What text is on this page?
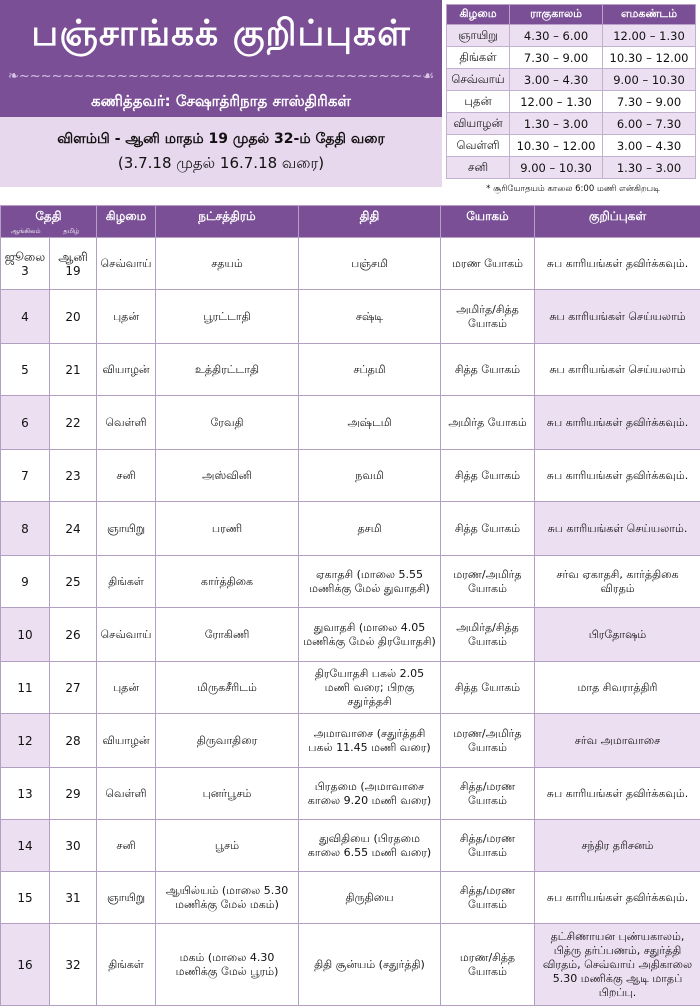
பஞ்சாங்கக் குறிப்புகள்
❧~~~~~~~~~~~~~~~~~~~~~
~~~~~~~~~~~~~~~~~~~~~☙
கணித்தவர்: சேஷாத்ரிநாத சாஸ்திரிகள்
விளம்பி - ஆனி மாதம் 19 முதல் 32-ம் தேதி வரை
(3.7.18 முதல் 16.7.18 வரை)
கிழமை	ராகுகாலம்	எமகண்டம்
ஞாயிறு	4.30 – 6.00	12.00 – 1.30
திங்கள்	7.30 – 9.00	10.30 – 12.00
செவ்வாய்	3.00 – 4.30	9.00 – 10.30
புதன்	12.00 – 1.30	7.30 – 9.00
வியாழன்	1.30 – 3.00	6.00 – 7.30
வெள்ளி	10.30 – 12.00	3.00 – 4.30
சனி	9.00 – 10.30	1.30 – 3.00
* சூரியோதயம் காலை 6:00 மணி என்கிறபடி
தேதி
ஆங்கிலம் தமிழ்		கிழமை	நட்சத்திரம்	திதி	யோகம்	குறிப்புகள்
ஜூலை 3	ஆனி 19	செவ்வாய்	சதயம்	பஞ்சமி	மரண யோகம்	சுப காரியங்கள் தவிர்க்கவும்.
4	20	புதன்	பூரட்டாதி	சஷ்டி	அமிர்த/சித்த யோகம்	சுப காரியங்கள் செய்யலாம்
5	21	வியாழன்	உத்திரட்டாதி	சப்தமி	சித்த யோகம்	சுப காரியங்கள் செய்யலாம்
6	22	வெள்ளி	ரேவதி	அஷ்டமி	அமிர்த யோகம்	சுப காரியங்கள் தவிர்க்கவும்.
7	23	சனி	அஸ்வினி	நவமி	சித்த யோகம்	சுப காரியங்கள் தவிர்க்கவும்.
8	24	ஞாயிறு	பரணி	தசமி	சித்த யோகம்	சுப காரியங்கள் செய்யலாம்.
9	25	திங்கள்	கார்த்திகை	ஏகாதசி (மாலை 5.55 மணிக்கு மேல் துவாதசி)	மரண/அமிர்த யோகம்	சர்வ ஏகாதசி, கார்த்திகை விரதம்
10	26	செவ்வாய்	ரோகிணி	துவாதசி (மாலை 4.05 மணிக்கு மேல் திரயோதசி)	அமிர்த/சித்த யோகம்	பிரதோஷம்
11	27	புதன்	மிருகசீரிடம்	திரயோதசி பகல் 2.05 மணி வரை; பிறகு சதுர்த்தசி	சித்த யோகம்	மாத சிவராத்திரி
12	28	வியாழன்	திருவாதிரை	அமாவாசை (சதுர்த்தசி பகல் 11.45 மணி வரை)	மரண/அமிர்த யோகம்	சர்வ அமாவாசை
13	29	வெள்ளி	புனர்பூசம்	பிரதமை (அமாவாசை காலை 9.20 மணி வரை)	சித்த/மரண யோகம்	சுப காரியங்கள் தவிர்க்கவும்.
14	30	சனி	பூசம்	துவிதியை (பிரதமை காலை 6.55 மணி வரை)	சித்த/மரண யோகம்	சந்திர தரிசனம்
15	31	ஞாயிறு	ஆயில்யம் (மாலை 5.30 மணிக்கு மேல் மகம்)	திருதியை	சித்த/மரண யோகம்	சுப காரியங்கள் தவிர்க்கவும்.
16	32	திங்கள்	மகம் (மாலை 4.30 மணிக்கு மேல் பூரம்)	திதி சூன்யம் (சதுர்த்தி)	மரண/சித்த யோகம்	தட்சிணாயன புண்யகாலம், பித்ரு தர்ப்பணம், சதுர்த்தி விரதம், செவ்வாய் அதிகாலை 5.30 மணிக்கு ஆடி மாதப் பிறப்பு.
